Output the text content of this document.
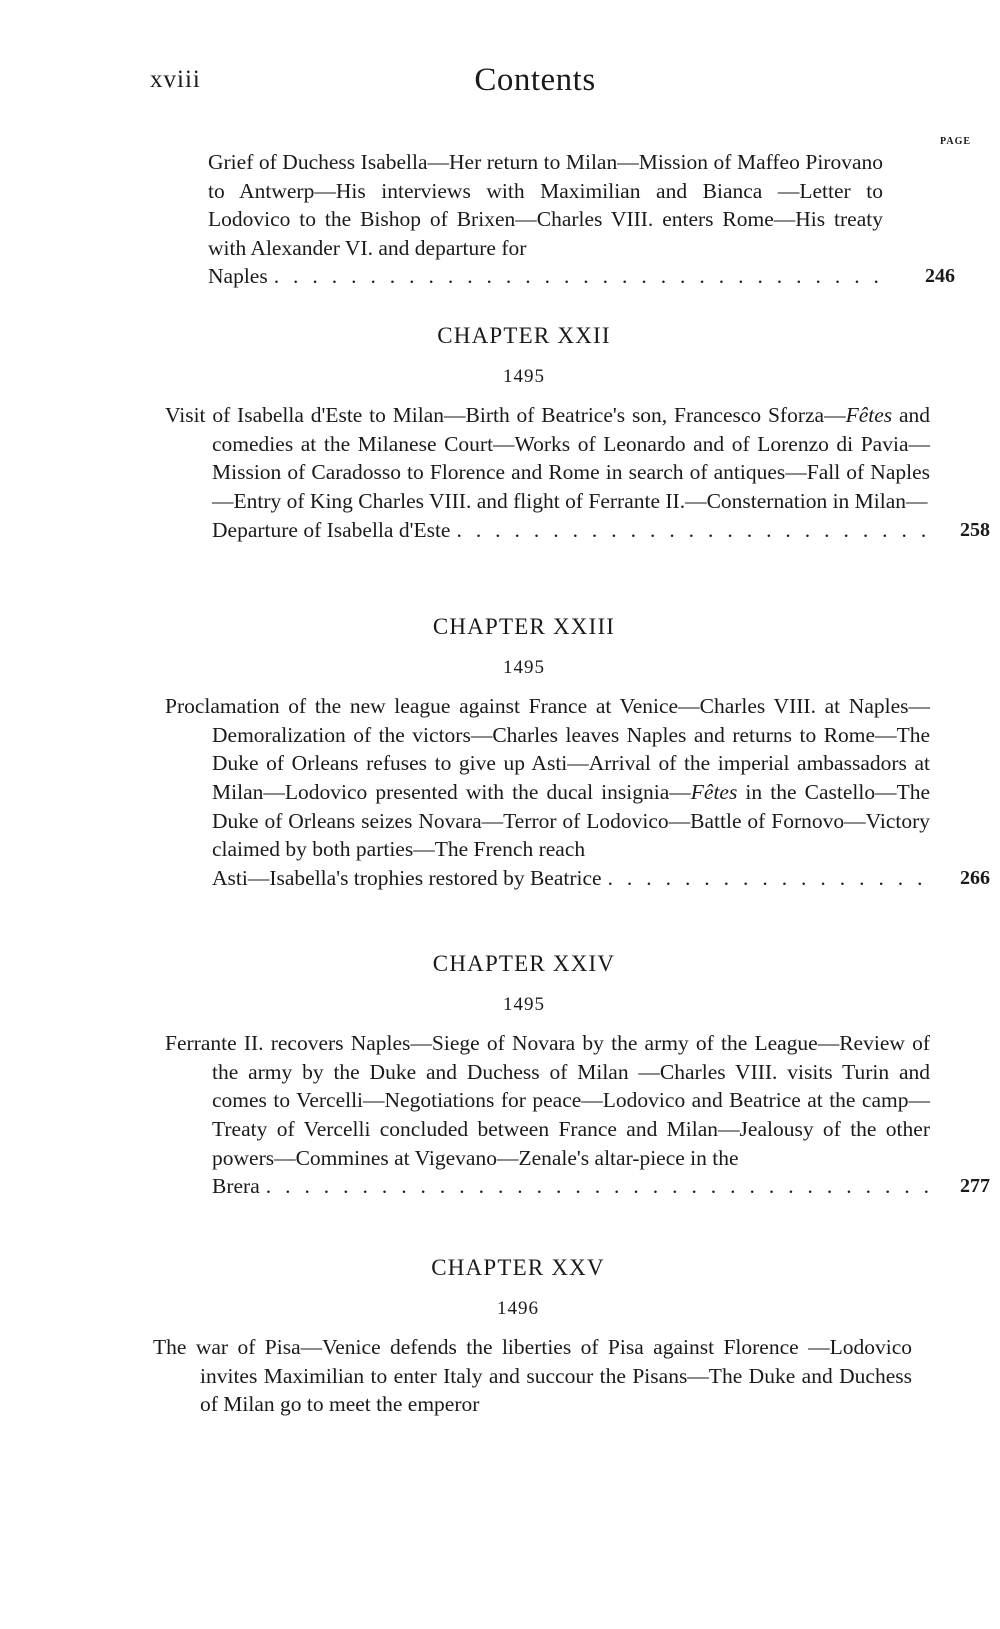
xviii	Contents
PAGE

Grief of Duchess Isabella—Her return to Milan—Mission of Maffeo Pirovano to Antwerp—His interviews with Maximilian and Bianca —Letter to Lodovico to the Bishop of Brixen—Charles VIII. enters Rome—His treaty with Alexander VI. and departure for
Naples . . .	246

CHAPTER XXII

1495

Visit of Isabella d'Este to Milan—Birth of Beatrice's son, Francesco Sforza—Fêtes and comedies at the Milanese Court—Works of Leonardo and of Lorenzo di Pavia—Mission of Caradosso to Florence and Rome in search of antiques—Fall of Naples—Entry of King Charles VIII. and flight of Ferrante II.—Consternation in Milan—
Departure of Isabella d'Este . . .	258

CHAPTER XXIII

1495

Proclamation of the new league against France at Venice—Charles VIII. at Naples—Demoralization of the victors—Charles leaves Naples and returns to Rome—The Duke of Orleans refuses to give up Asti—Arrival of the imperial ambassadors at Milan—Lodovico presented with the ducal insignia—Fêtes in the Castello—The Duke of Orleans seizes Novara—Terror of Lodovico—Battle of Fornovo—Victory claimed by both parties—The French reach
Asti—Isabella's trophies restored by Beatrice . . .	266

CHAPTER XXIV

1495

Ferrante II. recovers Naples—Siege of Novara by the army of the League—Review of the army by the Duke and Duchess of Milan —Charles VIII. visits Turin and comes to Vercelli—Negotiations for peace—Lodovico and Beatrice at the camp—Treaty of Vercelli concluded between France and Milan—Jealousy of the other powers—Commines at Vigevano—Zenale's altar-piece in the
Brera . . .	277

CHAPTER XXV

1496

The war of Pisa—Venice defends the liberties of Pisa against Florence —Lodovico invites Maximilian to enter Italy and succour the Pisans—The Duke and Duchess of Milan go to meet the emperor
